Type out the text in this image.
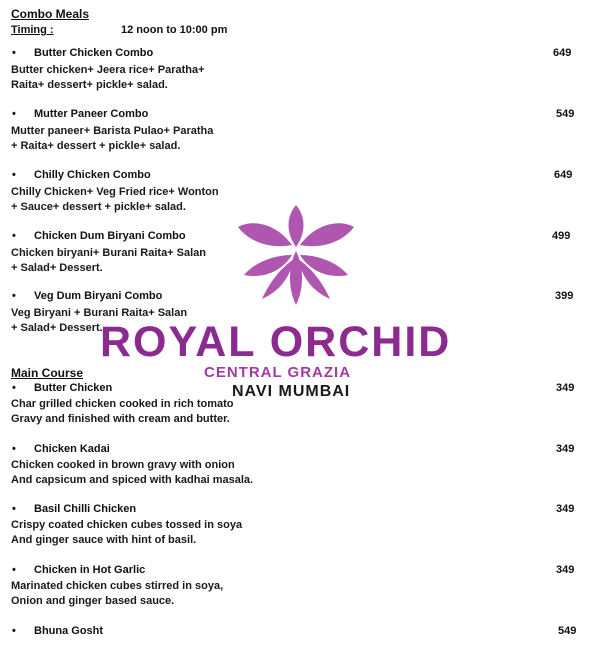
Combo Meals
Timing :	12 noon to 10:00 pm
• Butter Chicken Combo	649
Butter chicken+ Jeera rice+ Paratha+
Raita+ dessert+ pickle+ salad.
• Mutter Paneer Combo	549
Mutter paneer+ Barista Pulao+ Paratha
+ Raita+ dessert + pickle+ salad.
• Chilly Chicken Combo	649
Chilly Chicken+ Veg Fried rice+ Wonton
+ Sauce+ dessert + pickle+ salad.
• Chicken Dum Biryani Combo	499
Chicken biryani+ Burani Raita+ Salan
+ Salad+ Dessert.
• Veg Dum Biryani Combo	399
Veg Biryani + Burani Raita+ Salan
+ Salad+ Dessert.
ROYAL ORCHID
CENTRAL GRAZIA
NAVI MUMBAI
Main Course
• Butter Chicken	349
Char grilled chicken cooked in rich tomato
Gravy and finished with cream and butter.
• Chicken Kadai	349
Chicken cooked in brown gravy with onion
And capsicum and spiced with kadhai masala.
• Basil Chilli Chicken	349
Crispy coated chicken cubes tossed in soya
And ginger sauce with hint of basil.
• Chicken in Hot Garlic	349
Marinated chicken cubes stirred in soya,
Onion and ginger based sauce.
• Bhuna Gosht	549
